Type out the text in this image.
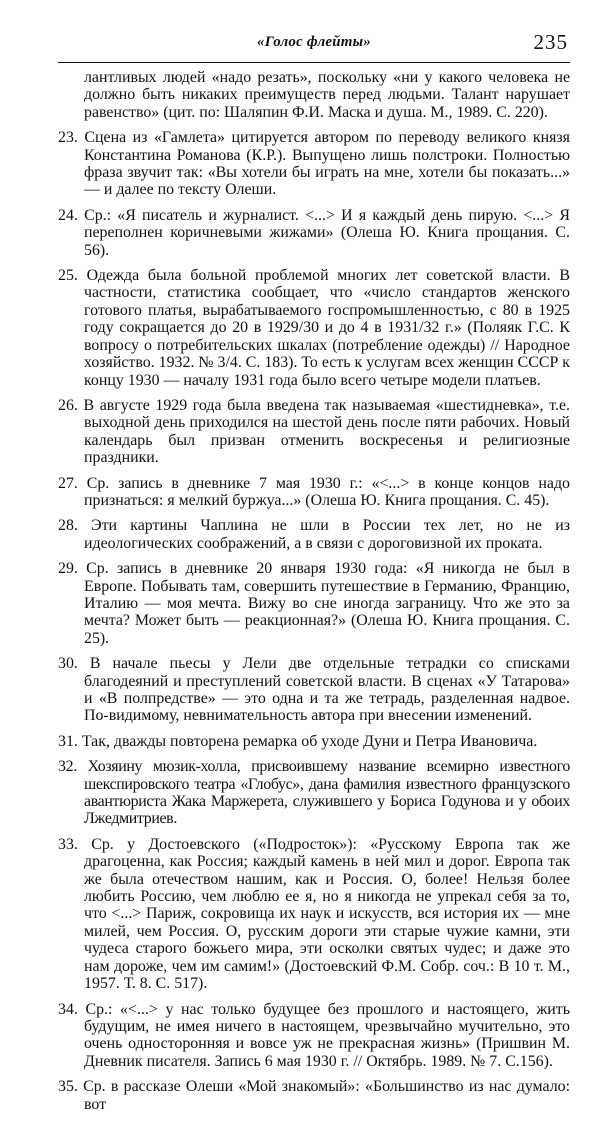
«Голос флейты»	235

лантливых людей «надо резать», поскольку «ни у какого человека не должно быть никаких преимуществ перед людьми. Талант нарушает равенство» (цит. по: Шаляпин Ф.И. Маска и душа. М., 1989. С. 220).

23. Сцена из «Гамлета» цитируется автором по переводу великого князя Константина Романова (К.Р.). Выпущено лишь полстроки. Полностью фраза звучит так: «Вы хотели бы играть на мне, хотели бы показать...» — и далее по тексту Олеши.

24. Ср.: «Я писатель и журналист. <...> И я каждый день пирую. <...> Я переполнен коричневыми жижами» (Олеша Ю. Книга прощания. С. 56).

25. Одежда была больной проблемой многих лет советской власти. В частности, статистика сообщает, что «число стандартов женского готового платья, вырабатываемого госпромышленностью, с 80 в 1925 году сокращается до 20 в 1929/30 и до 4 в 1931/32 г.» (Поляяк Г.С. К вопросу о потребительских шкалах (потребление одежды) // Народное хозяйство. 1932. № 3/4. С. 183). То есть к услугам всех женщин СССР к концу 1930 — началу 1931 года было всего четыре модели платьев.

26. В августе 1929 года была введена так называемая «шестидневка», т.е. выходной день приходился на шестой день после пяти рабочих. Новый календарь был призван отменить воскресенья и религиозные праздники.

27. Ср. запись в дневнике 7 мая 1930 г.: «<...> в конце концов надо признаться: я мелкий буржуа...» (Олеша Ю. Книга прощания. С. 45).

28. Эти картины Чаплина не шли в России тех лет, но не из идеологических соображений, а в связи с дороговизной их проката.

29. Ср. запись в дневнике 20 января 1930 года: «Я никогда не был в Европе. Побывать там, совершить путешествие в Германию, Францию, Италию — моя мечта. Вижу во сне иногда заграницу. Что же это за мечта? Может быть — реакционная?» (Олеша Ю. Книга прощания. С. 25).

30. В начале пьесы у Лели две отдельные тетрадки со списками благодеяний и преступлений советской власти. В сценах «У Татарова» и «В полпредстве» — это одна и та же тетрадь, разделенная надвое. По-видимому, невнимательность автора при внесении изменений.

31. Так, дважды повторена ремарка об уходе Дуни и Петра Ивановича.

32. Хозяину мюзик-холла, присвоившему название всемирно известного шекспировского театра «Глобус», дана фамилия известного французского авантюриста Жака Маржерета, служившего у Бориса Годунова и у обоих Лжедмитриев.

33. Ср. у Достоевского («Подросток»): «Русскому Европа так же драгоценна, как Россия; каждый камень в ней мил и дорог. Европа так же была отечеством нашим, как и Россия. О, более! Нельзя более любить Россию, чем люблю ее я, но я никогда не упрекал себя за то, что <...> Париж, сокровища их наук и искусств, вся история их — мне милей, чем Россия. О, русским дороги эти старые чужие камни, эти чудеса старого божьего мира, эти осколки святых чудес; и даже это нам дороже, чем им самим!» (Достоевский Ф.М. Собр. соч.: В 10 т. М., 1957. Т. 8. С. 517).

34. Ср.: «<...> у нас только будущее без прошлого и настоящего, жить будущим, не имея ничего в настоящем, чрезвычайно мучительно, это очень односторонняя и вовсе уж не прекрасная жизнь» (Пришвин М. Дневник писателя. Запись 6 мая 1930 г. // Октябрь. 1989. № 7. С.156).

35. Ср. в рассказе Олеши «Мой знакомый»: «Большинство из нас думало: вот
